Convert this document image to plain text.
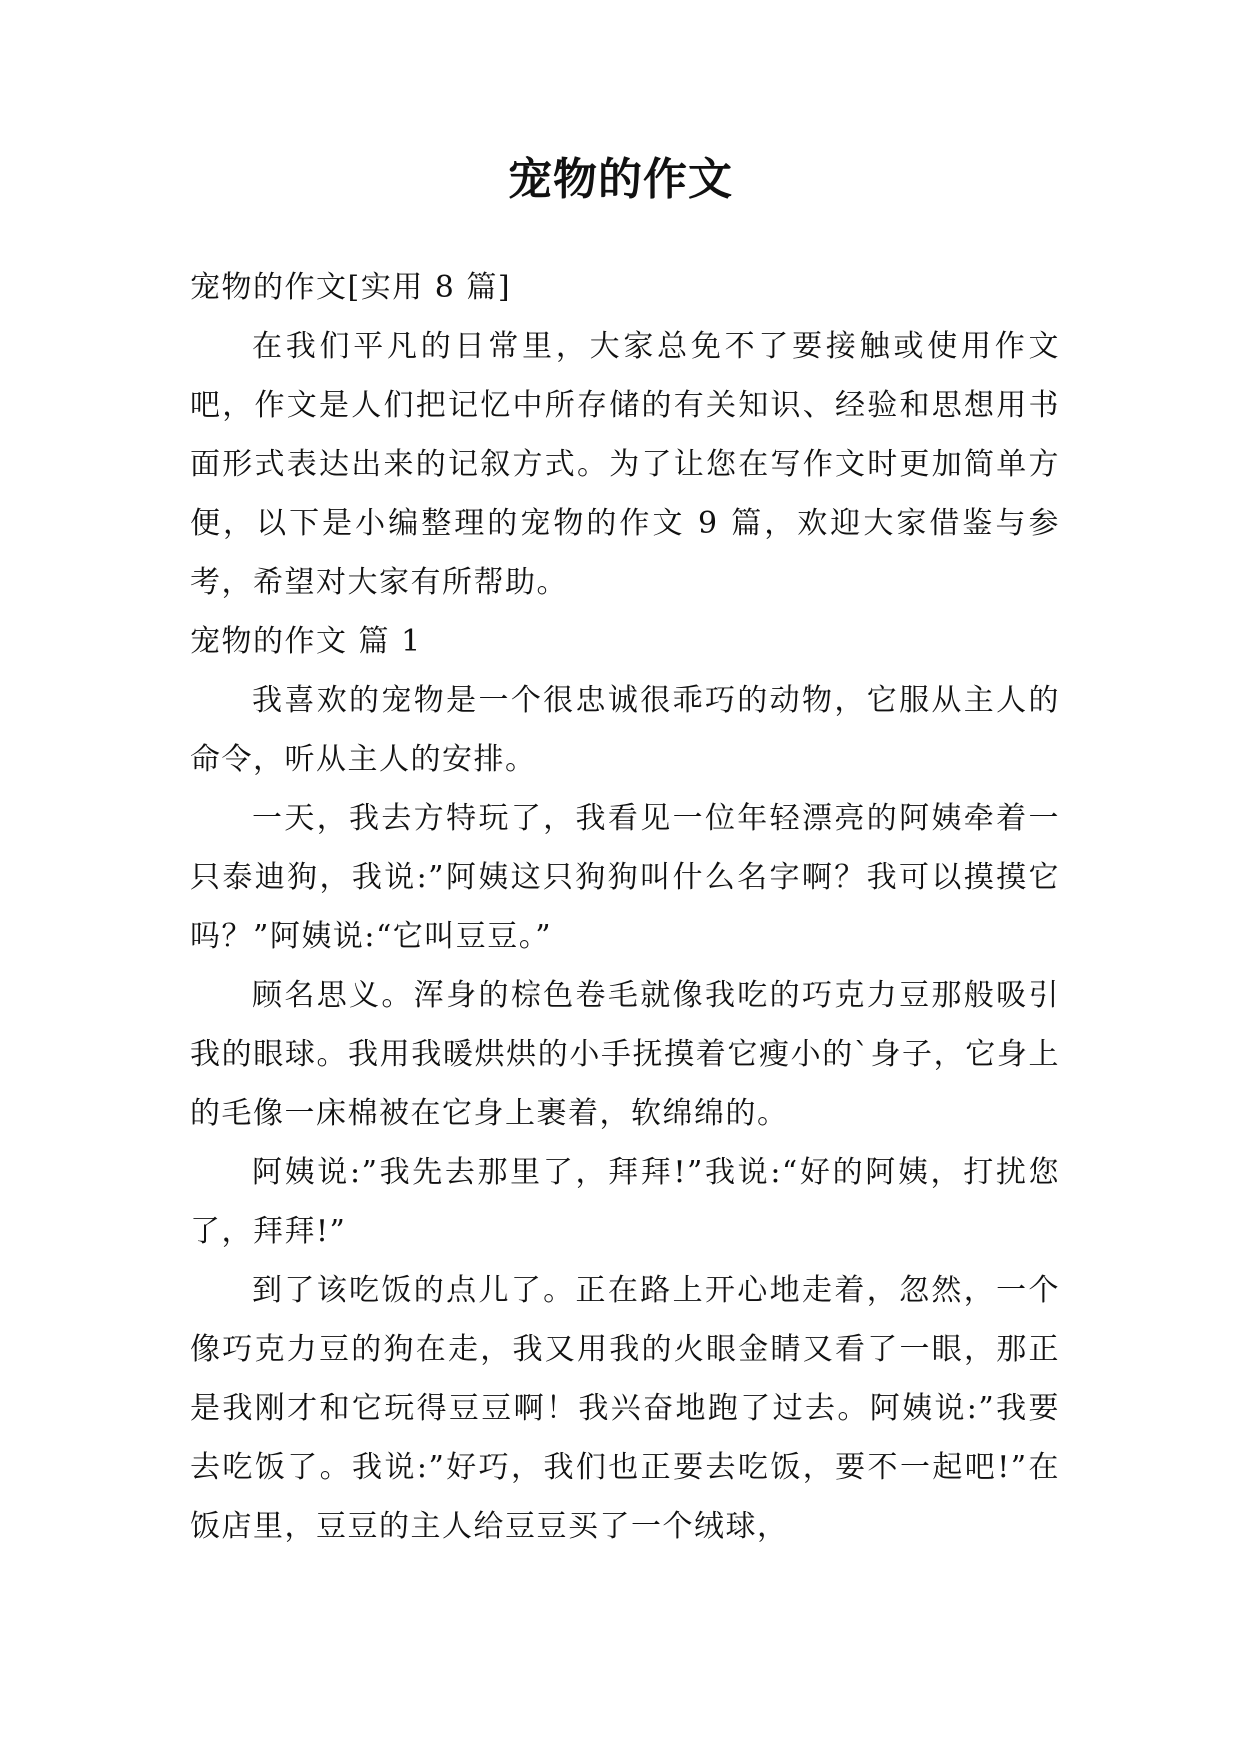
宠物的作文

宠物的作文[实用 8 篇]

在我们平凡的日常里，大家总免不了要接触或使用作文吧，作文是人们把记忆中所存储的有关知识、经验和思想用书面形式表达出来的记叙方式。为了让您在写作文时更加简单方便，以下是小编整理的宠物的作文 9 篇，欢迎大家借鉴与参考，希望对大家有所帮助。

宠物的作文 篇 1

我喜欢的宠物是一个很忠诚很乖巧的动物，它服从主人的命令，听从主人的安排。

一天，我去方特玩了，我看见一位年轻漂亮的阿姨牵着一只泰迪狗，我说:”阿姨这只狗狗叫什么名字啊？我可以摸摸它吗？”阿姨说:“它叫豆豆。”

顾名思义。浑身的棕色卷毛就像我吃的巧克力豆那般吸引我的眼球。我用我暖烘烘的小手抚摸着它瘦小的`身子，它身上的毛像一床棉被在它身上裹着，软绵绵的。

阿姨说:”我先去那里了，拜拜!”我说:“好的阿姨，打扰您了，拜拜!”

到了该吃饭的点儿了。正在路上开心地走着，忽然，一个像巧克力豆的狗在走，我又用我的火眼金睛又看了一眼，那正是我刚才和它玩得豆豆啊！我兴奋地跑了过去。阿姨说:”我要去吃饭了。我说:”好巧，我们也正要去吃饭，要不一起吧!”在饭店里，豆豆的主人给豆豆买了一个绒球，
